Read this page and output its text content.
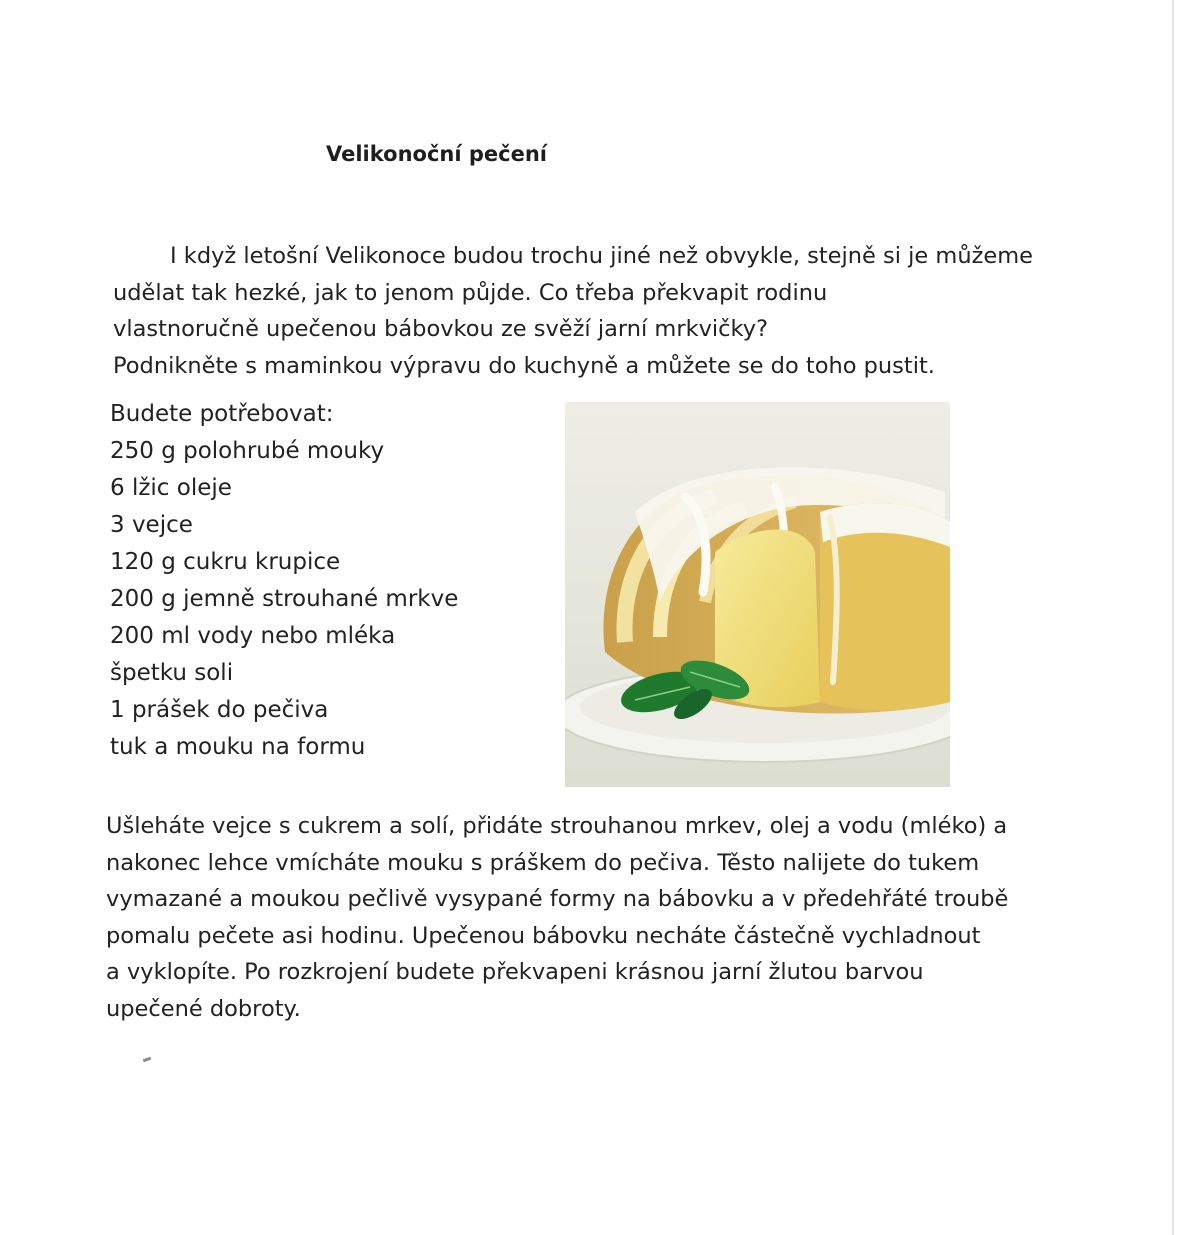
Velikonoční pečení
I když letošní Velikonoce budou trochu jiné než obvykle, stejně si je můžeme
udělat tak hezké, jak to jenom půjde. Co třeba překvapit rodinu
vlastnoručně upečenou bábovkou ze svěží jarní mrkvičky?
Podnikněte s maminkou výpravu do kuchyně a můžete se do toho pustit.
Budete potřebovat:
250 g polohrubé mouky
6 lžic oleje
3 vejce
120 g cukru krupice
200 g jemně strouhané mrkve
200 ml vody nebo mléka
špetku soli
1 prášek do pečiva
tuk a mouku na formu
Ušleháte vejce s cukrem a solí, přidáte strouhanou mrkev, olej a vodu (mléko) a
nakonec lehce vmícháte mouku s práškem do pečiva. Těsto nalijete do tukem
vymazané a moukou pečlivě vysypané formy na bábovku a v předehřáté troubě
pomalu pečete asi hodinu. Upečenou bábovku necháte částečně vychladnout
a vyklopíte. Po rozkrojení budete překvapeni krásnou jarní žlutou barvou
upečené dobroty.
